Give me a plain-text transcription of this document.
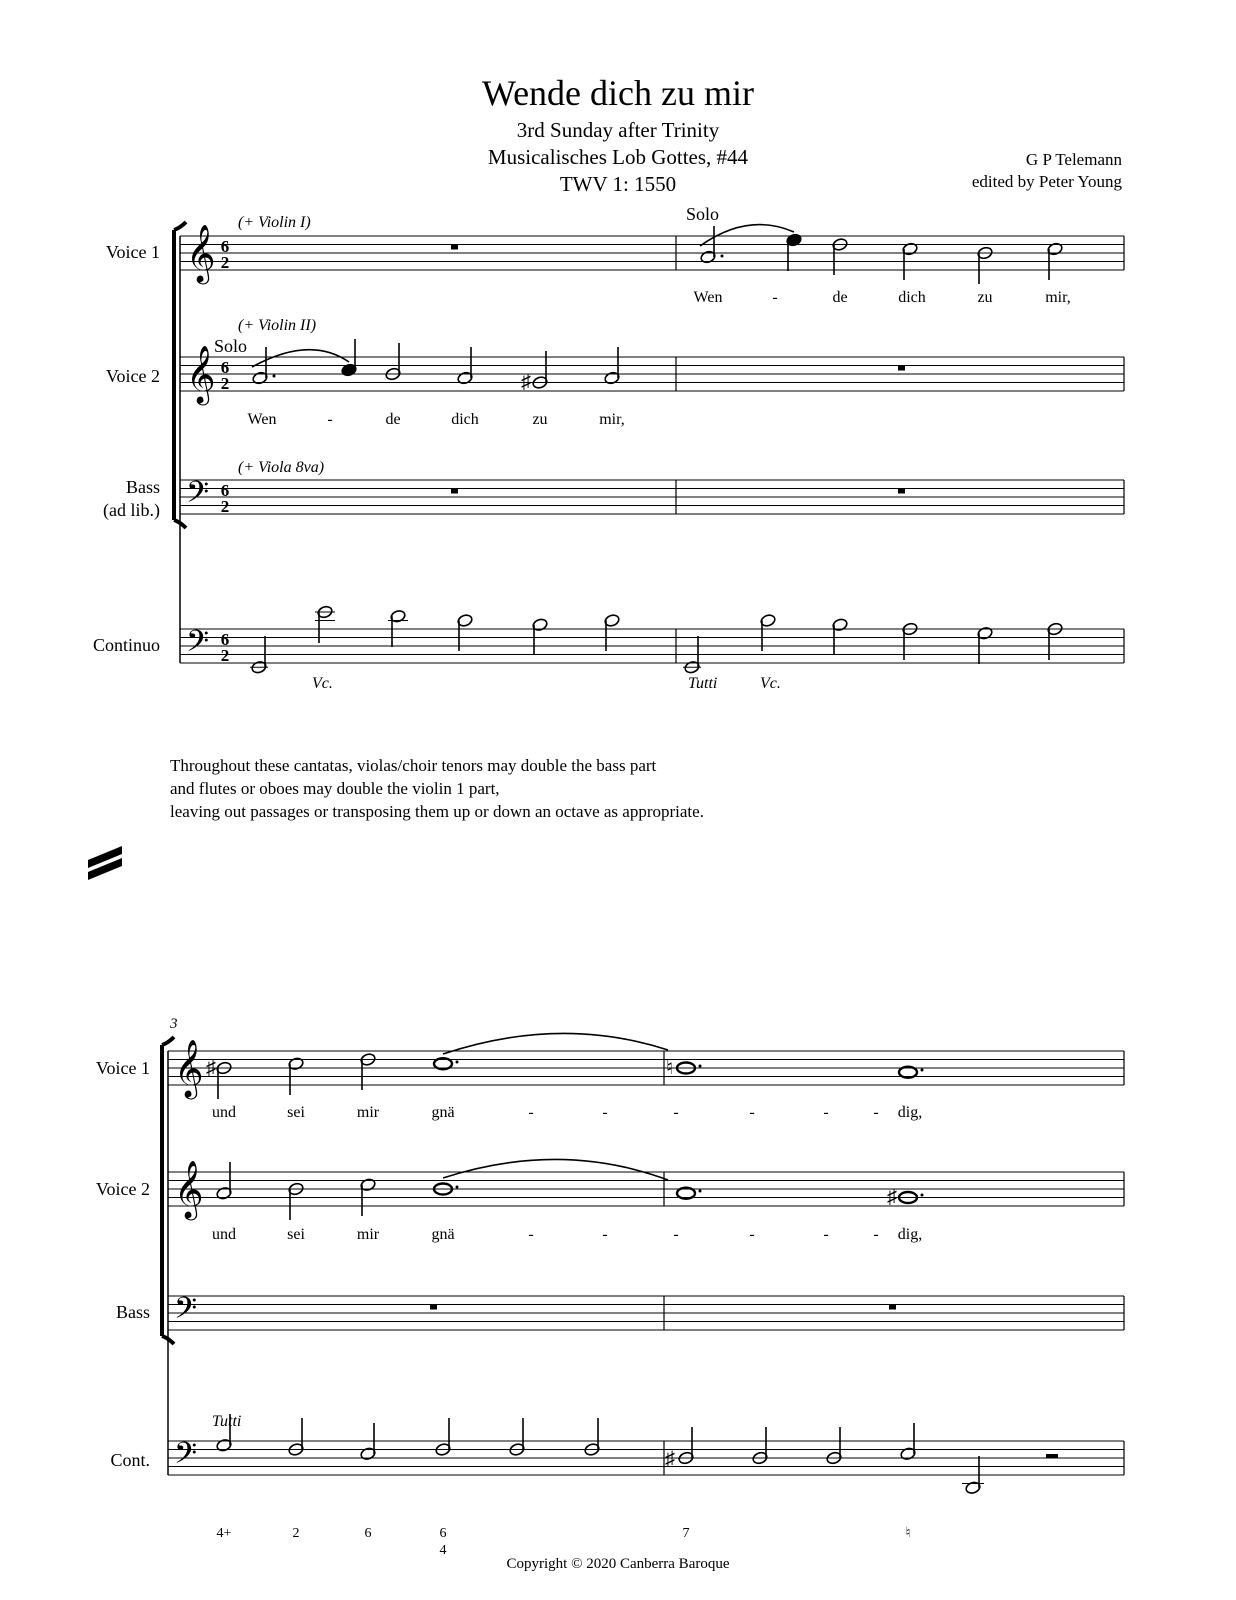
Wende dich zu mir
3rd Sunday after Trinity
Musicalisches Lob Gottes, #44
TWV 1: 1550
G P Telemann
edited by Peter Young
Throughout these cantatas, violas/choir tenors may double the bass part
and flutes or oboes may double the violin 1 part,
leaving out passages or transposing them up or down an octave as appropriate.
Voice 1
Voice 2
Bass
(ad lib.)
Continuo
𝄞
𝄞
𝄢
𝄢
6
2
6
2
6
2
6
2
(+ Violin I)
(+ Violin II)
(+ Viola 8va)
Solo
Solo
Wen	-	de	dich	zu	mir,
♯
Wen	-	de	dich	zu	mir,
Vc.	Tutti	Vc.
3
Voice 1
Voice 2
Bass
Cont.
𝄞
𝄞
𝄢
𝄢
♯	♮
und	sei	mir	gnä	-	-	-	-	-	- dig,
♯
und	sei	mir	gnä	-	-	-	-	-	- dig,
Tutti
♯
4+	2	6	6
4
7	♮
Copyright © 2020 Canberra Baroque
